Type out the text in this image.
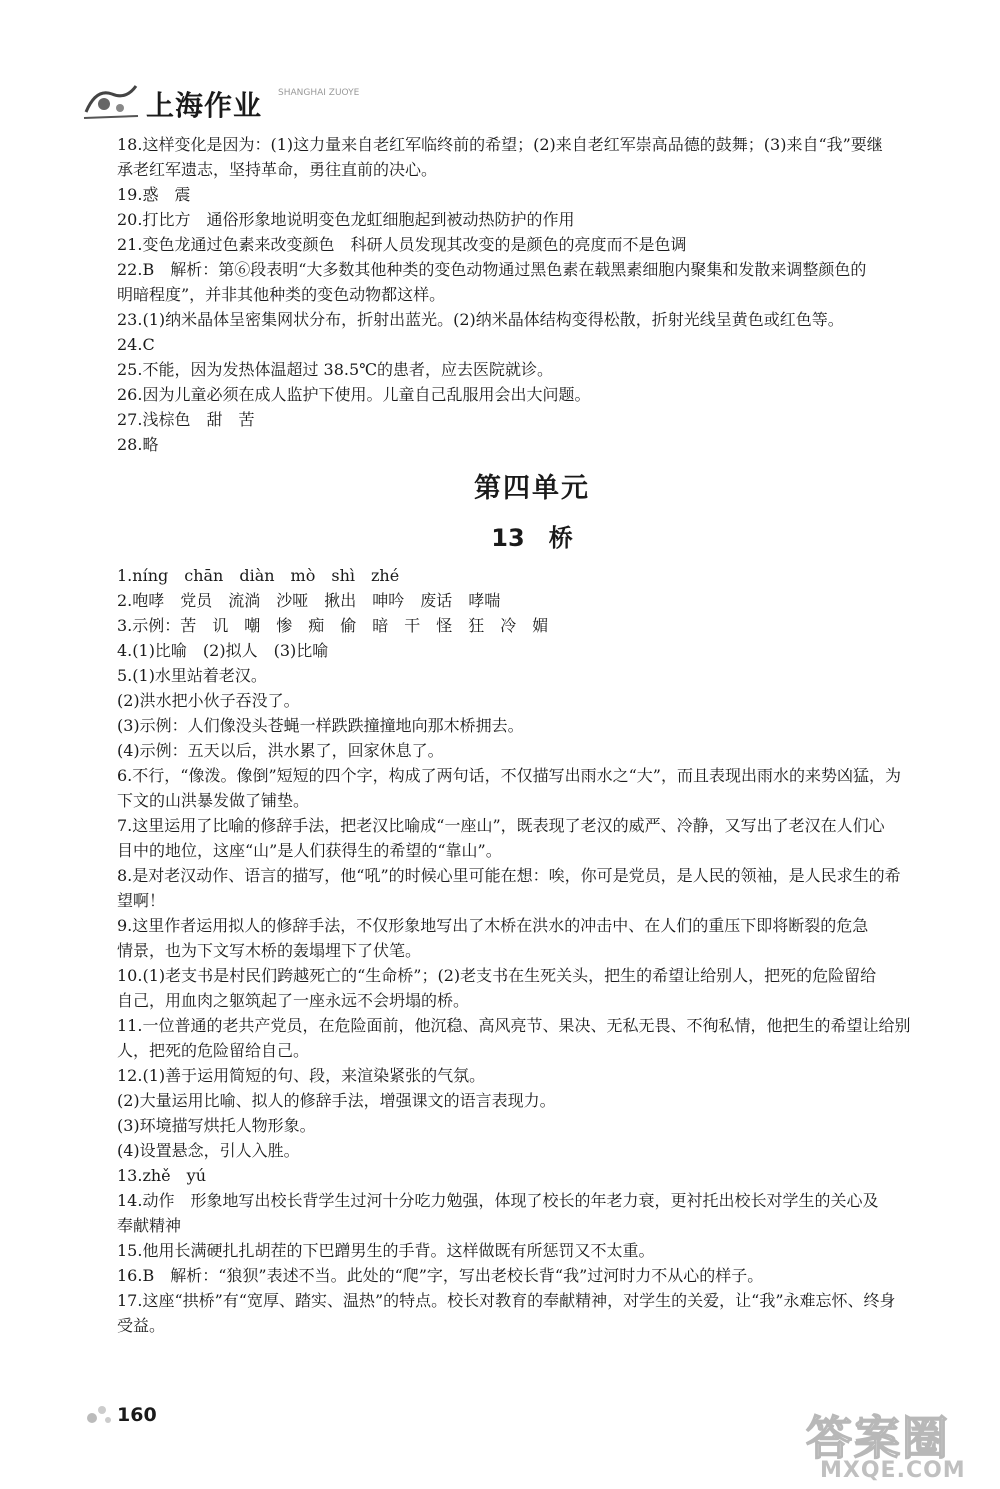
上海作业 SHANGHAI ZUOYE
18.这样变化是因为：(1)这力量来自老红军临终前的希望；(2)来自老红军崇高品德的鼓舞；(3)来自“我”要继
承老红军遗志，坚持革命，勇往直前的决心。
19.惑　震
20.打比方　通俗形象地说明变色龙虹细胞起到被动热防护的作用
21.变色龙通过色素来改变颜色　科研人员发现其改变的是颜色的亮度而不是色调
22.B　解析：第⑥段表明“大多数其他种类的变色动物通过黑色素在载黑素细胞内聚集和发散来调整颜色的
明暗程度”，并非其他种类的变色动物都这样。
23.(1)纳米晶体呈密集网状分布，折射出蓝光。(2)纳米晶体结构变得松散，折射光线呈黄色或红色等。
24.C
25.不能，因为发热体温超过 38.5℃的患者，应去医院就诊。
26.因为儿童必须在成人监护下使用。儿童自己乱服用会出大问题。
27.浅棕色　甜　苦
28.略
第四单元
13　桥
1.níng　chān　diàn　mò　shì　zhé
2.咆哮　党员　流淌　沙哑　揪出　呻吟　废话　哮喘
3.示例：苦　讥　嘲　惨　痴　偷　暗　干　怪　狂　冷　媚
4.(1)比喻　(2)拟人　(3)比喻
5.(1)水里站着老汉。
(2)洪水把小伙子吞没了。
(3)示例：人们像没头苍蝇一样跌跌撞撞地向那木桥拥去。
(4)示例：五天以后，洪水累了，回家休息了。
6.不行，“像泼。像倒”短短的四个字，构成了两句话，不仅描写出雨水之“大”，而且表现出雨水的来势凶猛，为
下文的山洪暴发做了铺垫。
7.这里运用了比喻的修辞手法，把老汉比喻成“一座山”，既表现了老汉的威严、冷静，又写出了老汉在人们心
目中的地位，这座“山”是人们获得生的希望的“靠山”。
8.是对老汉动作、语言的描写，他“吼”的时候心里可能在想：唉，你可是党员，是人民的领袖，是人民求生的希
望啊！
9.这里作者运用拟人的修辞手法，不仅形象地写出了木桥在洪水的冲击中、在人们的重压下即将断裂的危急
情景，也为下文写木桥的轰塌埋下了伏笔。
10.(1)老支书是村民们跨越死亡的“生命桥”；(2)老支书在生死关头，把生的希望让给别人，把死的危险留给
自己，用血肉之躯筑起了一座永远不会坍塌的桥。
11.一位普通的老共产党员，在危险面前，他沉稳、高风亮节、果决、无私无畏、不徇私情，他把生的希望让给别
人，把死的危险留给自己。
12.(1)善于运用简短的句、段，来渲染紧张的气氛。
(2)大量运用比喻、拟人的修辞手法，增强课文的语言表现力。
(3)环境描写烘托人物形象。
(4)设置悬念，引人入胜。
13.zhě　yú
14.动作　形象地写出校长背学生过河十分吃力勉强，体现了校长的年老力衰，更衬托出校长对学生的关心及
奉献精神
15.他用长满硬扎扎胡茬的下巴蹭男生的手背。这样做既有所惩罚又不太重。
16.B　解析：“狼狈”表述不当。此处的“爬”字，写出老校长背“我”过河时力不从心的样子。
17.这座“拱桥”有“宽厚、踏实、温热”的特点。校长对教育的奉献精神，对学生的关爱，让“我”永难忘怀、终身
受益。
160	答案圈
MXQE.COM
